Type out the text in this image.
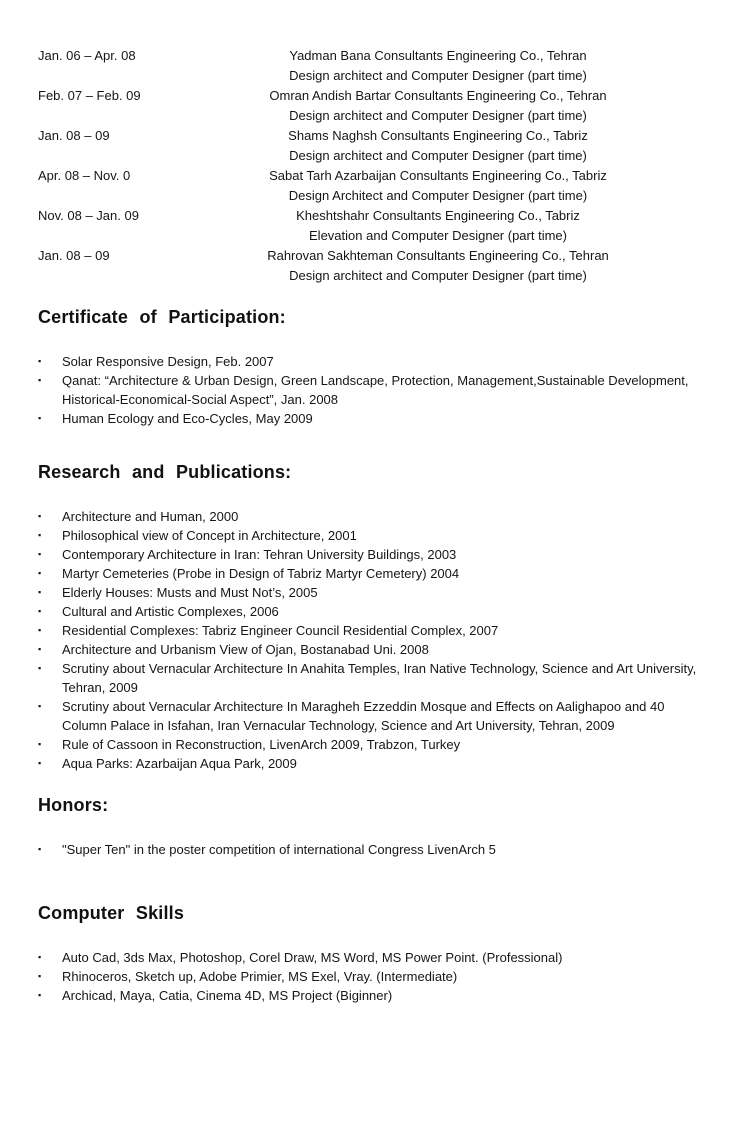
Jan. 06 – Apr. 08	Yadman Bana Consultants Engineering Co., Tehran
Design architect and Computer Designer (part time)
Feb. 07 – Feb. 09	Omran Andish Bartar Consultants Engineering Co., Tehran
Design architect and Computer Designer (part time)
Jan. 08 – 09	Shams Naghsh Consultants Engineering Co., Tabriz
Design architect and Computer Designer (part time)
Apr. 08 – Nov. 0	Sabat Tarh Azarbaijan Consultants Engineering Co., Tabriz
Design Architect and Computer Designer (part time)
Nov. 08 – Jan. 09	Kheshtshahr Consultants Engineering Co., Tabriz
Elevation and Computer Designer (part time)
Jan. 08 – 09	Rahrovan Sakhteman Consultants Engineering Co., Tehran
Design architect and Computer Designer (part time)
Certificate of Participation:
▪	Solar Responsive Design, Feb. 2007
▪	Qanat: “Architecture & Urban Design, Green Landscape, Protection, Management,Sustainable Development, Historical-Economical-Social Aspect”, Jan. 2008
▪	Human Ecology and Eco-Cycles, May 2009
Research and Publications:
▪	Architecture and Human, 2000
▪	Philosophical view of Concept in Architecture, 2001
▪	Contemporary Architecture in Iran: Tehran University Buildings, 2003
▪	Martyr Cemeteries (Probe in Design of Tabriz Martyr Cemetery) 2004
▪	Elderly Houses: Musts and Must Not’s, 2005
▪	Cultural and Artistic Complexes, 2006
▪	Residential Complexes: Tabriz Engineer Council Residential Complex, 2007
▪	Architecture and Urbanism View of Ojan, Bostanabad Uni. 2008
▪	Scrutiny about Vernacular Architecture In Anahita Temples, Iran Native Technology, Science and Art University, Tehran, 2009
▪	Scrutiny about Vernacular Architecture In Maragheh Ezzeddin Mosque and Effects on Aalighapoo and 40 Column Palace in Isfahan, Iran Vernacular Technology, Science and Art University, Tehran, 2009
▪	Rule of Cassoon in Reconstruction, LivenArch 2009, Trabzon, Turkey
▪	Aqua Parks: Azarbaijan Aqua Park, 2009
Honors:
▪	"Super Ten" in the poster competition of international Congress LivenArch 5
Computer Skills
▪	Auto Cad, 3ds Max, Photoshop, Corel Draw, MS Word, MS Power Point. (Professional)
▪	Rhinoceros, Sketch up, Adobe Primier, MS Exel, Vray. (Intermediate)
▪	Archicad, Maya, Catia, Cinema 4D, MS Project (Biginner)
